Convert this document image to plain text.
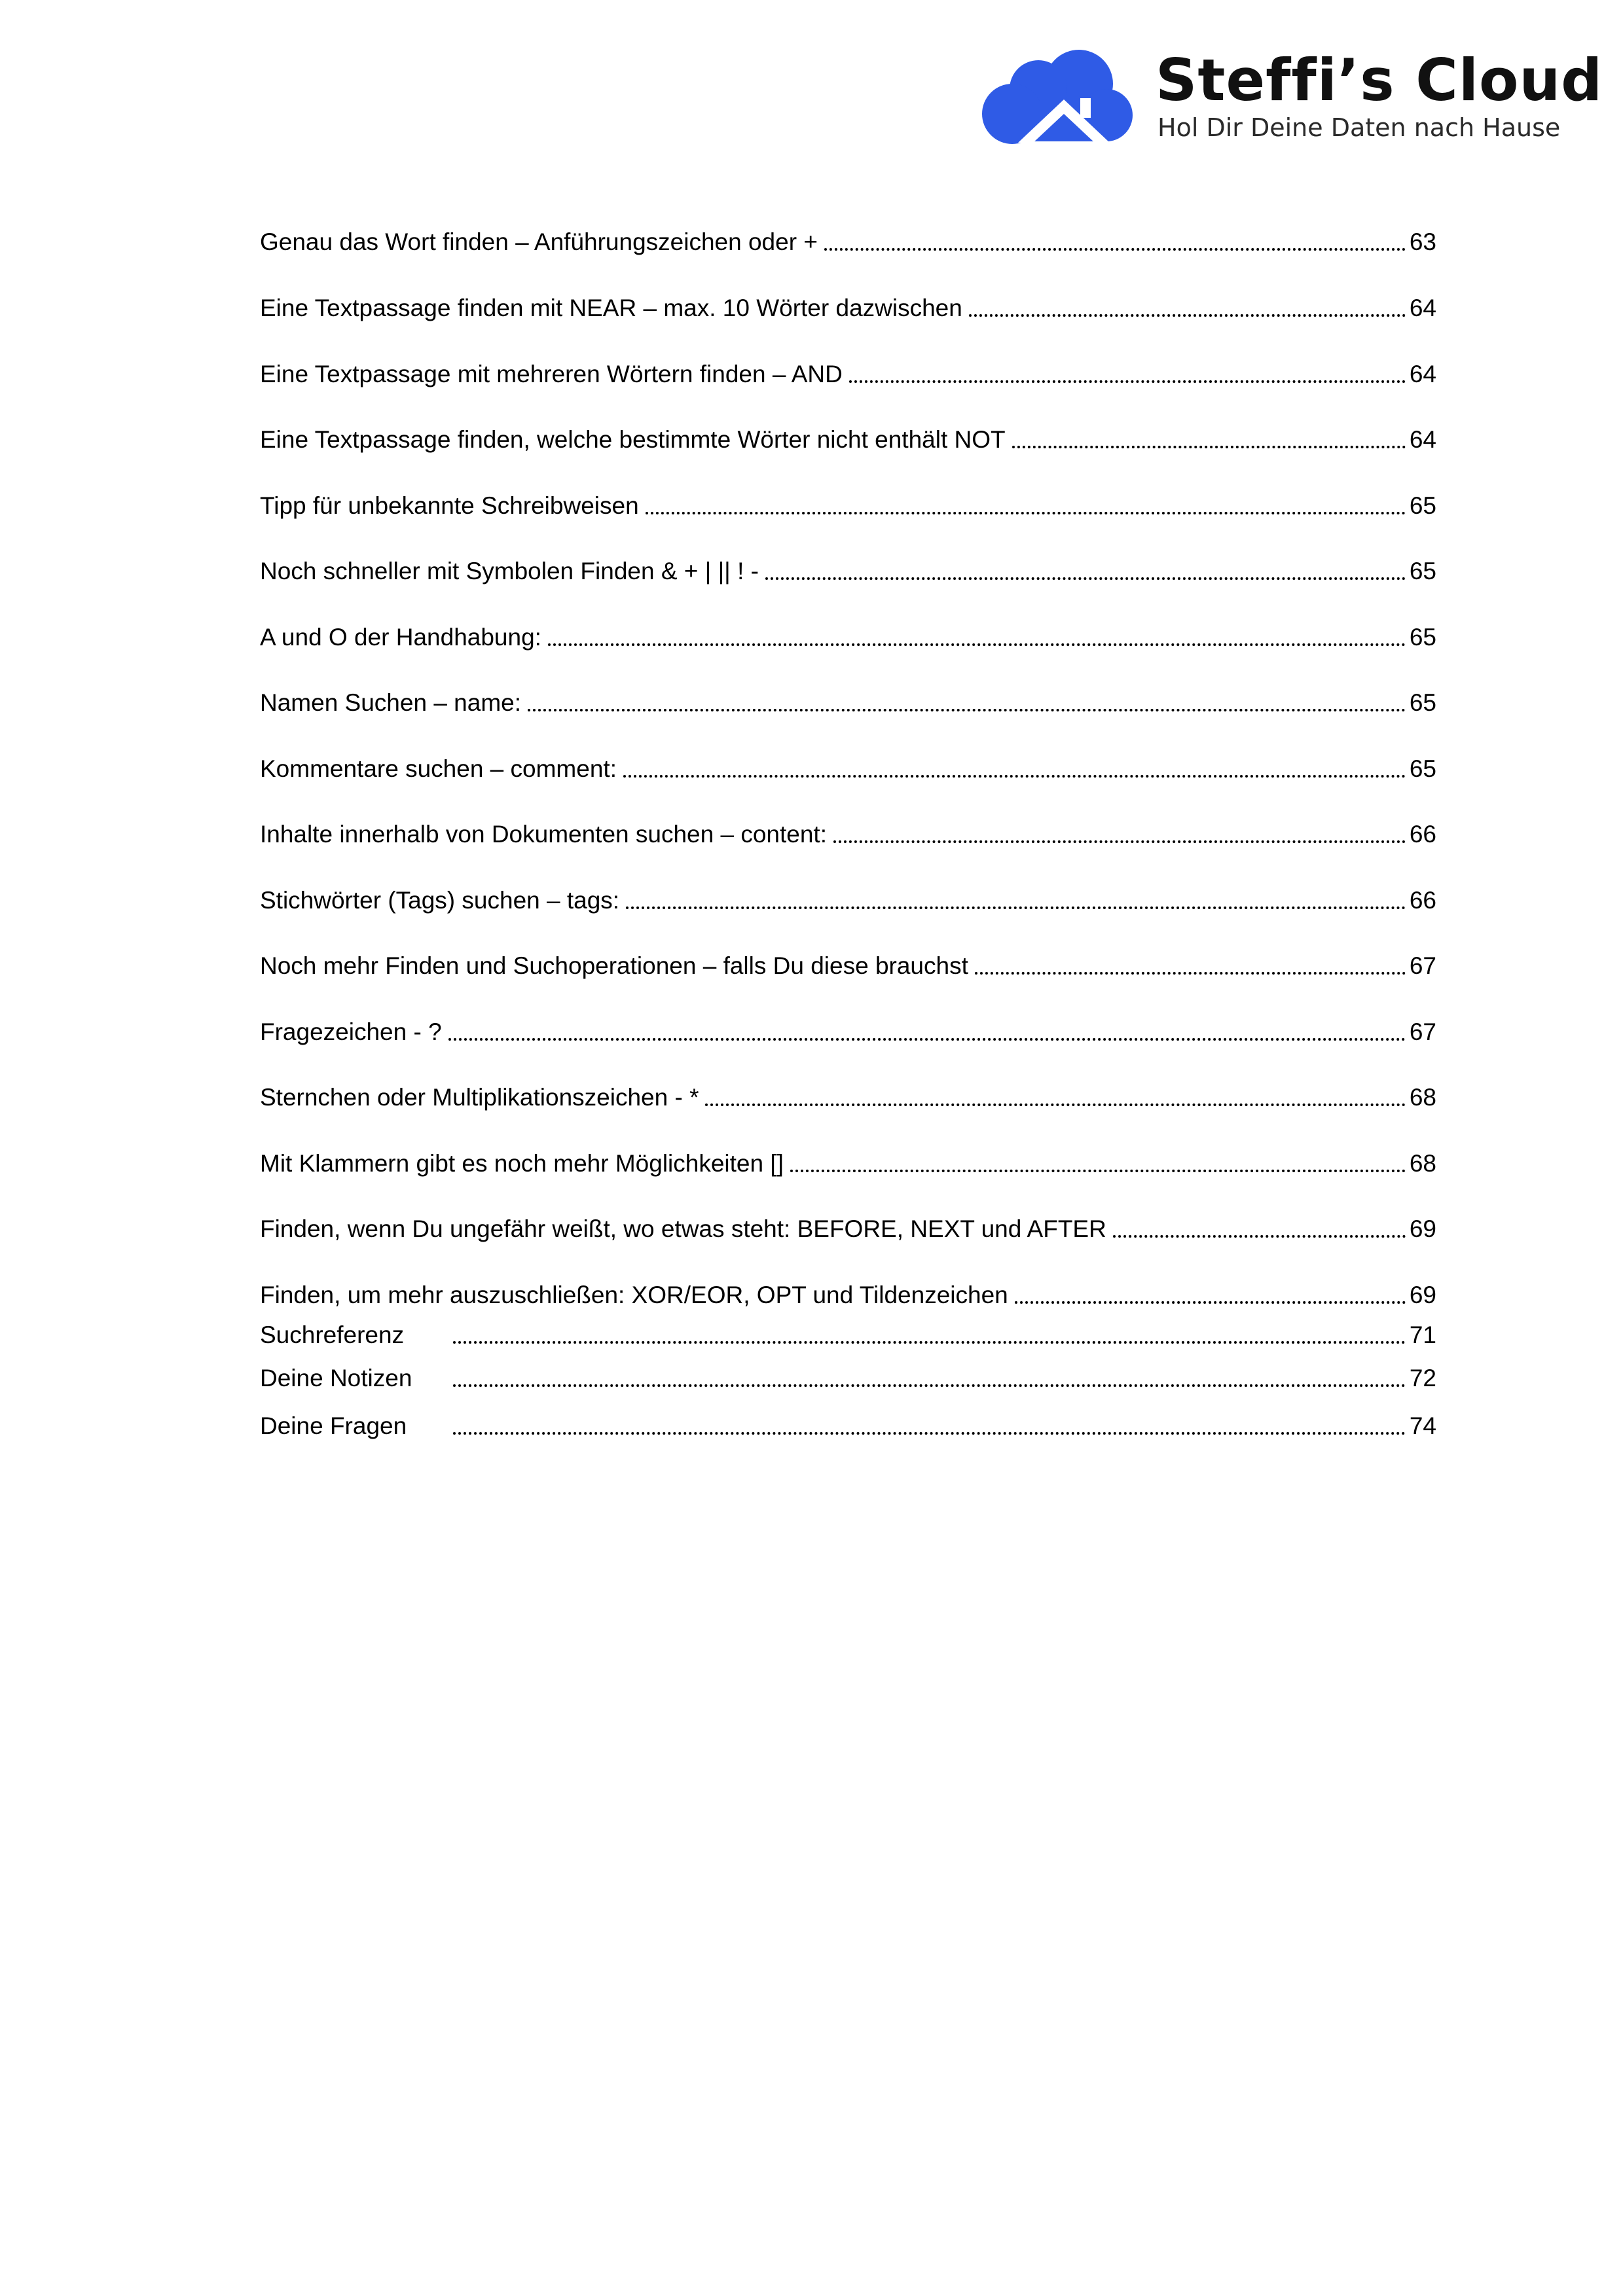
Steffi’s Cloud
Hol Dir Deine Daten nach Hause
Genau das Wort finden – Anführungszeichen oder +	63
Eine Textpassage finden mit NEAR – max. 10 Wörter dazwischen	64
Eine Textpassage mit mehreren Wörtern finden – AND	64
Eine Textpassage finden, welche bestimmte Wörter nicht enthält NOT	64
Tipp für unbekannte Schreibweisen	65
Noch schneller mit Symbolen Finden & + | || ! -	65
A und O der Handhabung:	65
Namen Suchen – name:	65
Kommentare suchen – comment:	65
Inhalte innerhalb von Dokumenten suchen – content:	66
Stichwörter (Tags) suchen – tags:	66
Noch mehr Finden und Suchoperationen – falls Du diese brauchst	67
Fragezeichen - ?	67
Sternchen oder Multiplikationszeichen - *	68
Mit Klammern gibt es noch mehr Möglichkeiten []	68
Finden, wenn Du ungefähr weißt, wo etwas steht: BEFORE, NEXT und AFTER	69
Finden, um mehr auszuschließen: XOR/EOR, OPT und Tildenzeichen	69
Suchreferenz	71
Deine Notizen	72
Deine Fragen	74
